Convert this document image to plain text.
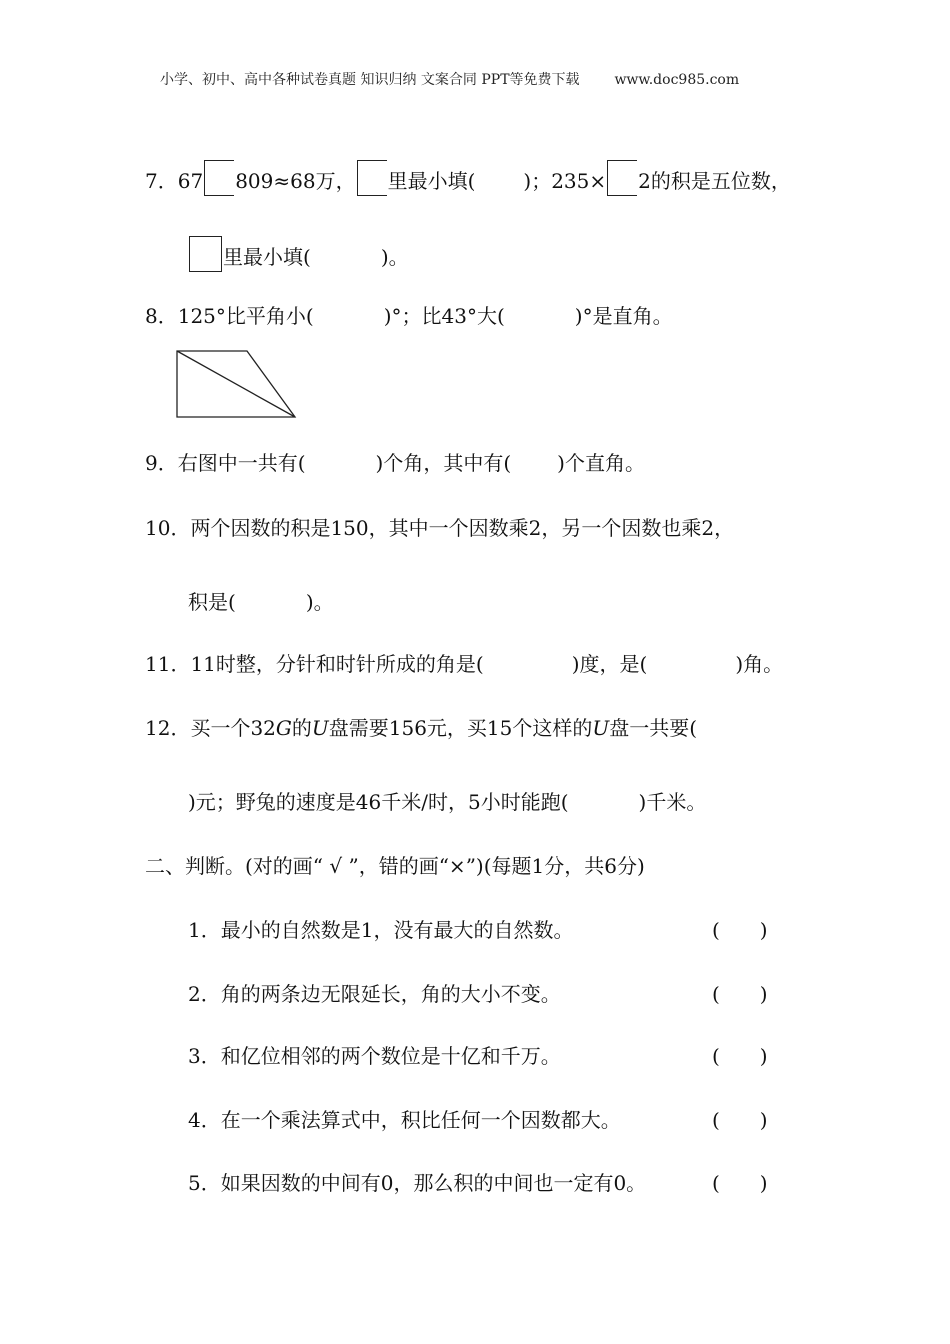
小学、初中、高中各种试卷真题 知识归纳 文案合同 PPT等免费下载 www.doc985.com
7．67 809≈68万， 里最小填( )；235× 2的积是五位数，
里最小填(	)。
8．125°比平角小(	)°；比43°大(	)°是直角。
9．右图中一共有(	)个角，其中有( )个直角。
10．两个因数的积是150，其中一个因数乘2，另一个因数也乘2，
积是(	)。
11．11时整，分针和时针所成的角是(	)度，是(	)角。
12．买一个32G的U盘需要156元，买15个这样的U盘一共要(
)元；野兔的速度是46千米/时，5小时能跑(	)千米。
二、判断。(对的画“ √ ”，错的画“×”)(每题1分，共6分)
1．最小的自然数是1，没有最大的自然数。	(　　)
2．角的两条边无限延长，角的大小不变。	(　　)
3．和亿位相邻的两个数位是十亿和千万。	(　　)
4．在一个乘法算式中，积比任何一个因数都大。	(　　)
5．如果因数的中间有0，那么积的中间也一定有0。	(　　)
